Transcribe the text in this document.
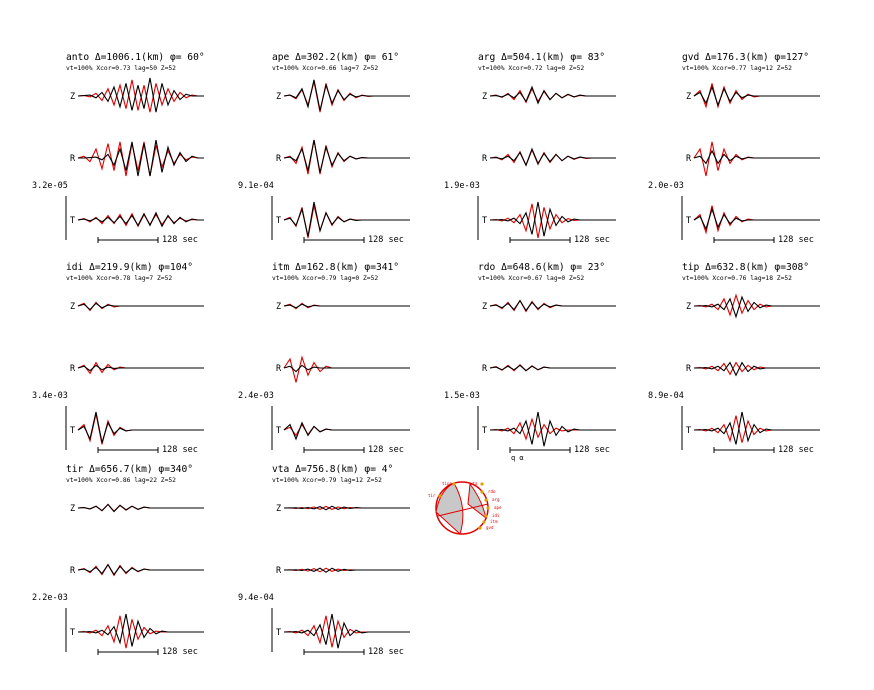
anto Δ=1006.1(km) φ= 60°
vt=100% Xcor=0.73 lag=50 Z=52
3.2e-05
Z
R
T
128 sec
ape Δ=302.2(km) φ= 61°
vt=100% Xcor=0.66 lag=7 Z=52
9.1e-04
Z
R
T
128 sec
arg Δ=504.1(km) φ= 83°
vt=100% Xcor=0.72 lag=0 Z=52
1.9e-03
Z
R
T
128 sec
gvd Δ=176.3(km) φ=127°
vt=100% Xcor=0.77 lag=12 Z=52
2.0e-03
Z
R
T
128 sec
idi Δ=219.9(km) φ=104°
vt=100% Xcor=0.78 lag=7 Z=52
3.4e-03
Z
R
T
128 sec
itm Δ=162.8(km) φ=341°
vt=100% Xcor=0.79 lag=0 Z=52
2.4e-03
Z
R
T
128 sec
rdo Δ=648.6(km) φ= 23°
vt=100% Xcor=0.67 lag=0 Z=52
1.5e-03
Z
R
T
128 sec
tip Δ=632.8(km) φ=308°
vt=100% Xcor=0.76 lag=18 Z=52
8.9e-04
Z
R
T
128 sec
tir Δ=656.7(km) φ=340°
vt=100% Xcor=0.86 lag=22 Z=52
2.2e-03
Z
R
T
128 sec
vta Δ=756.8(km) φ= 4°
vt=100% Xcor=0.79 lag=12 Z=52
9.4e-04
Z
R
T
128 sec
tipo	vta
tir
rdo
arg
ape
idi
itm
gvd
q α
